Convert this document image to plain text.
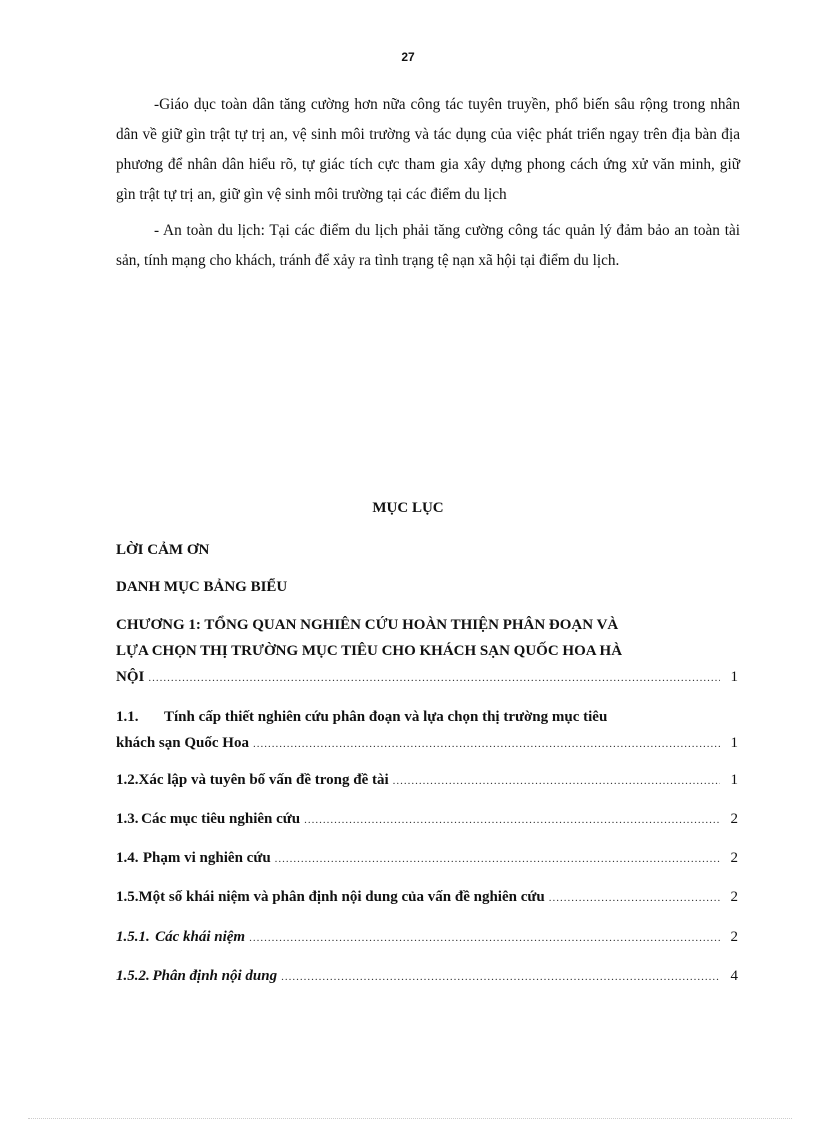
27

-Giáo dục toàn dân tăng cường hơn nữa công tác tuyên truyền, phổ biến sâu rộng trong nhân dân về giữ gìn trật tự trị an, vệ sinh môi trường và tác dụng của việc phát triển ngay trên địa bàn địa phương để nhân dân hiểu rõ, tự giác tích cực tham gia xây dựng phong cách ứng xử văn minh, giữ gìn trật tự trị an, giữ gìn vệ sinh môi trường tại các điểm du lịch

- An toàn du lịch: Tại các điểm du lịch phải tăng cường công tác quản lý đảm bảo an toàn tài sản, tính mạng cho khách, tránh để xảy ra tình trạng tệ nạn xã hội tại điểm du lịch.

MỤC LỤC
LỜI CẢM ƠN
DANH MỤC BẢNG BIỂU
CHƯƠNG 1: TỔNG QUAN NGHIÊN CỨU HOÀN THIỆN PHÂN ĐOẠN VÀ
LỰA CHỌN THỊ TRƯỜNG MỤC TIÊU CHO KHÁCH SẠN QUỐC HOA HÀ
NỘI .....	1
1.1. Tính cấp thiết nghiên cứu phân đoạn và lựa chọn thị trường mục tiêu
khách sạn Quốc Hoa .....	1
1.2. Xác lập và tuyên bố vấn đề trong đề tài .....	1
1.3. Các mục tiêu nghiên cứu .....	2
1.4. Phạm vi nghiên cứu .....	2
1.5. Một số khái niệm và phân định nội dung của vấn đề nghiên cứu .....	2
1.5.1. Các khái niệm .....	2
1.5.2. Phân định nội dung .....	4
